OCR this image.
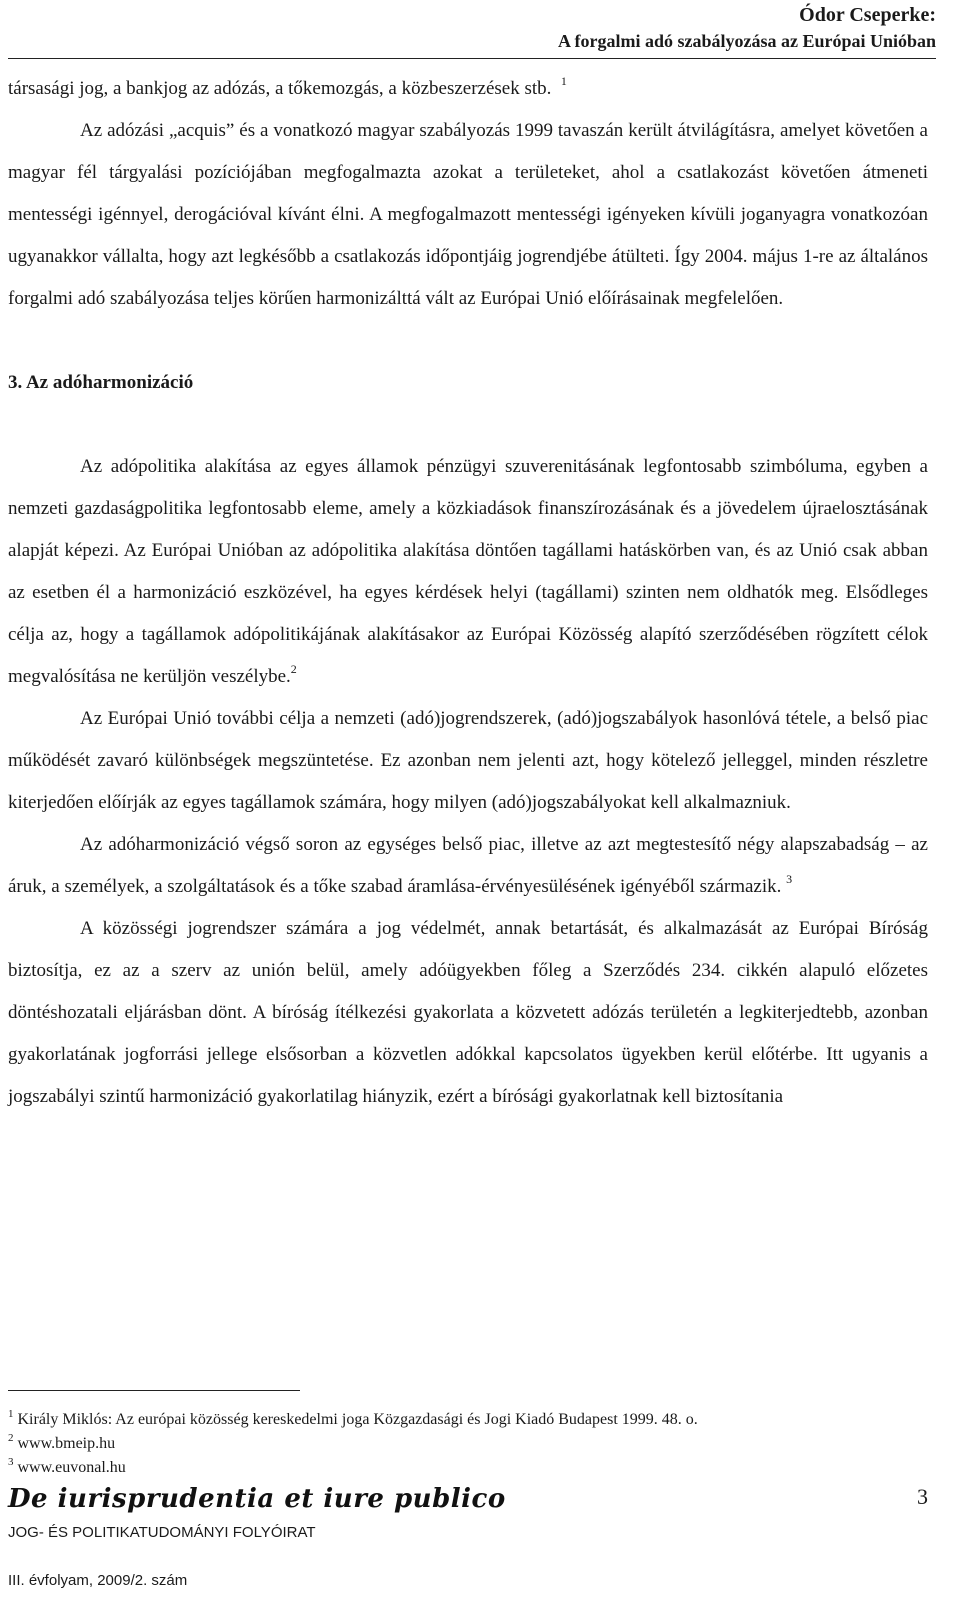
Ódor Cseperke:
A forgalmi adó szabályozása az Európai Unióban

társasági jog, a bankjog az adózás, a tőkemozgás, a közbeszerzések stb. $^1$

Az adózási „acquis” és a vonatkozó magyar szabályozás 1999 tavaszán került átvilágításra, amelyet követően a magyar fél tárgyalási pozíciójában megfogalmazta azokat a területeket, ahol a csatlakozást követően átmeneti mentességi igénnyel, derogációval kívánt élni. A megfogalmazott mentességi igényeken kívüli joganyagra vonatkozóan ugyanakkor vállalta, hogy azt legkésőbb a csatlakozás időpontjáig jogrendjébe átülteti. Így 2004. május 1-re az általános forgalmi adó szabályozása teljes körűen harmonizálttá vált az Európai Unió előírásainak megfelelően.

3. Az adóharmonizáció

Az adópolitika alakítása az egyes államok pénzügyi szuverenitásának legfontosabb szimbóluma, egyben a nemzeti gazdaságpolitika legfontosabb eleme, amely a közkiadások finanszírozásának és a jövedelem újraelosztásának alapját képezi. Az Európai Unióban az adópolitika alakítása döntően tagállami hatáskörben van, és az Unió csak abban az esetben él a harmonizáció eszközével, ha egyes kérdések helyi (tagállami) szinten nem oldhatók meg. Elsődleges célja az, hogy a tagállamok adópolitikájának alakításakor az Európai Közösség alapító szerződésében rögzített célok megvalósítása ne kerüljön veszélybe.$^2$

Az Európai Unió további célja a nemzeti (adó)jogrendszerek, (adó)jogszabályok hasonlóvá tétele, a belső piac működését zavaró különbségek megszüntetése. Ez azonban nem jelenti azt, hogy kötelező jelleggel, minden részletre kiterjedően előírják az egyes tagállamok számára, hogy milyen (adó)jogszabályokat kell alkalmazniuk.

Az adóharmonizáció végső soron az egységes belső piac, illetve az azt megtestesítő négy alapszabadság – az áruk, a személyek, a szolgáltatások és a tőke szabad áramlása-érvényesülésének igényéből származik. $^3$

A közösségi jogrendszer számára a jog védelmét, annak betartását, és alkalmazását az Európai Bíróság biztosítja, ez az a szerv az unión belül, amely adóügyekben főleg a Szerződés 234. cikkén alapuló előzetes döntéshozatali eljárásban dönt. A bíróság ítélkezési gyakorlata a közvetett adózás területén a legkiterjedtebb, azonban gyakorlatának jogforrási jellege elsősorban a közvetlen adókkal kapcsolatos ügyekben kerül előtérbe. Itt ugyanis a jogszabályi szintű harmonizáció gyakorlatilag hiányzik, ezért a bírósági gyakorlatnak kell biztosítania

$^1$ Király Miklós: Az európai közösség kereskedelmi joga Közgazdasági és Jogi Kiadó Budapest 1999. 48. o.
$^2$ www.bmeip.hu
$^3$ www.euvonal.hu
De iurisprudentia et iure publico
JOG- ÉS POLITIKATUDOMÁNYI FOLYÓIRAT
III. évfolyam, 2009/2. szám
3
